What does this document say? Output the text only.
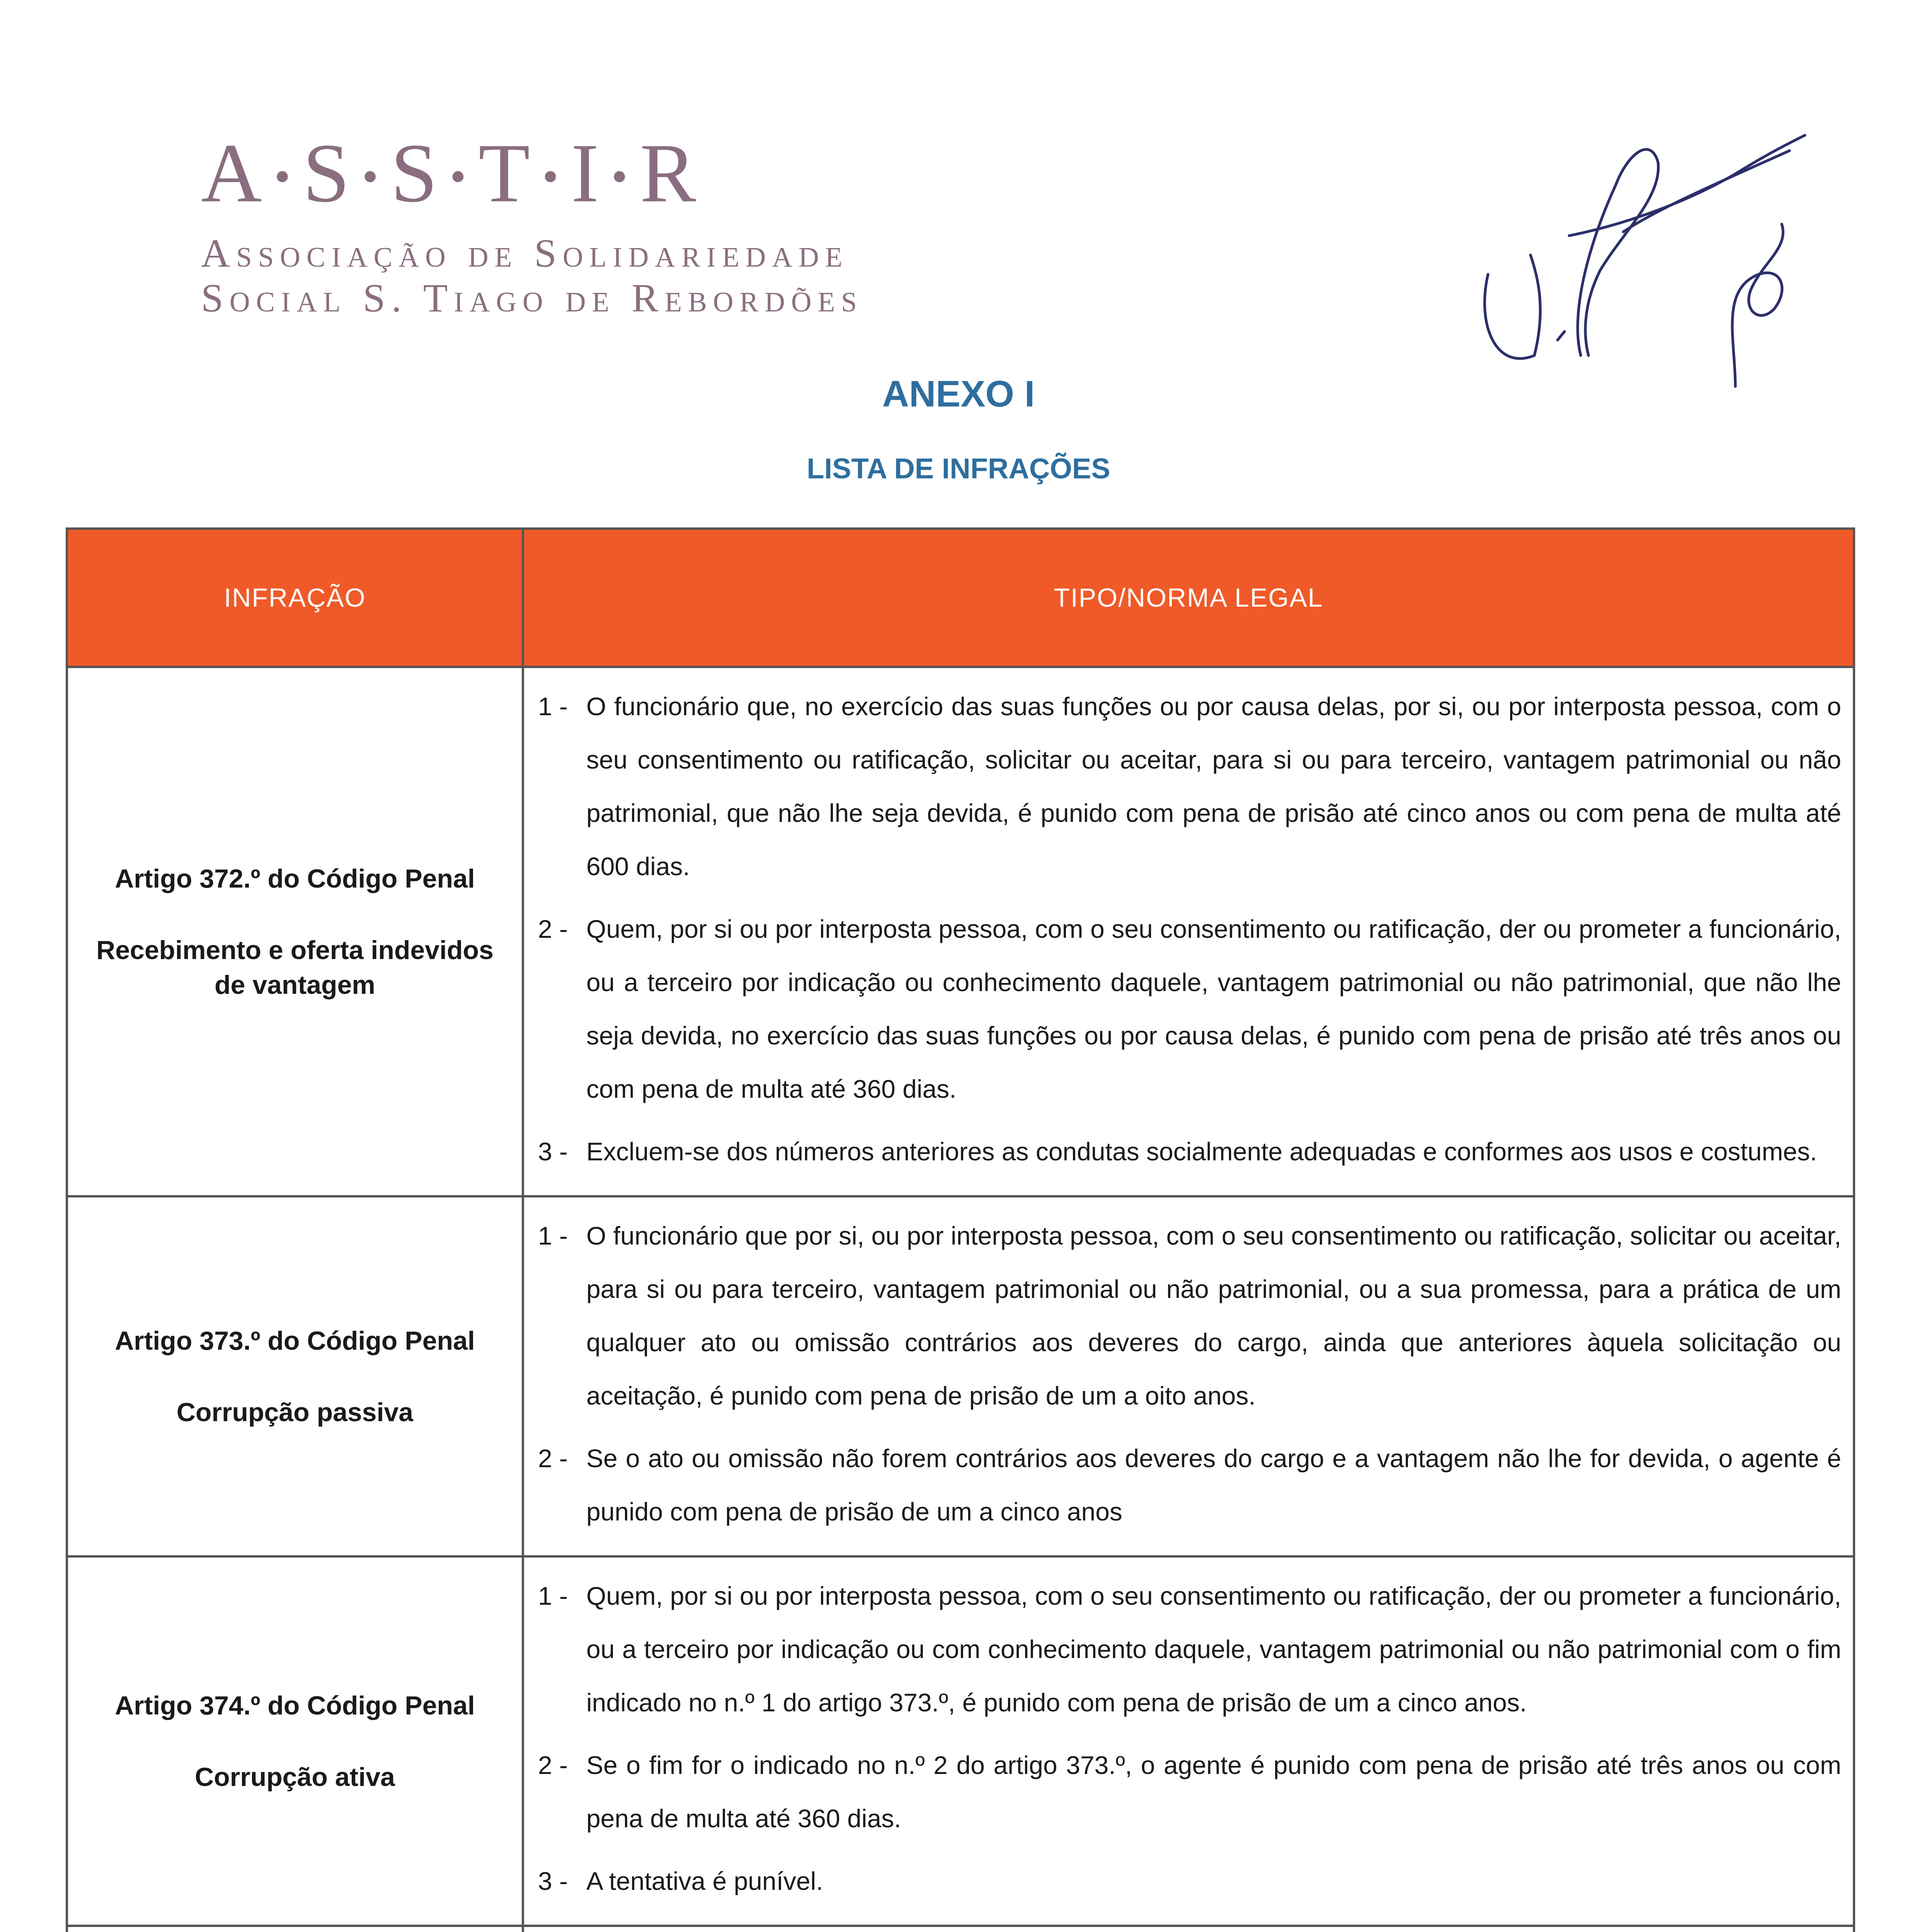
A • S • S • T • I • R
Associação de Solidariedade
Social S. Tiago de Rebordões
ANEXO I
LISTA DE INFRAÇÕES
INFRAÇÃO	TIPO/NORMA LEGAL
Artigo 372.º do Código Penal
Recebimento e oferta indevidos de vantagem
1 - O funcionário que, no exercício das suas funções ou por causa delas, por si, ou por interposta pessoa, com o seu consentimento ou ratificação, solicitar ou aceitar, para si ou para terceiro, vantagem patrimonial ou não patrimonial, que não lhe seja devida, é punido com pena de prisão até cinco anos ou com pena de multa até 600 dias.
2 - Quem, por si ou por interposta pessoa, com o seu consentimento ou ratificação, der ou prometer a funcionário, ou a terceiro por indicação ou conhecimento daquele, vantagem patrimonial ou não patrimonial, que não lhe seja devida, no exercício das suas funções ou por causa delas, é punido com pena de prisão até três anos ou com pena de multa até 360 dias.
3 - Excluem-se dos números anteriores as condutas socialmente adequadas e conformes aos usos e costumes.
Artigo 373.º do Código Penal
Corrupção passiva
1 - O funcionário que por si, ou por interposta pessoa, com o seu consentimento ou ratificação, solicitar ou aceitar, para si ou para terceiro, vantagem patrimonial ou não patrimonial, ou a sua promessa, para a prática de um qualquer ato ou omissão contrários aos deveres do cargo, ainda que anteriores àquela solicitação ou aceitação, é punido com pena de prisão de um a oito anos.
2 - Se o ato ou omissão não forem contrários aos deveres do cargo e a vantagem não lhe for devida, o agente é punido com pena de prisão de um a cinco anos
Artigo 374.º do Código Penal
Corrupção ativa
1 - Quem, por si ou por interposta pessoa, com o seu consentimento ou ratificação, der ou prometer a funcionário, ou a terceiro por indicação ou com conhecimento daquele, vantagem patrimonial ou não patrimonial com o fim indicado no n.º 1 do artigo 373.º, é punido com pena de prisão de um a cinco anos.
2 - Se o fim for o indicado no n.º 2 do artigo 373.º, o agente é punido com pena de prisão até três anos ou com pena de multa até 360 dias.
3 - A tentativa é punível.
